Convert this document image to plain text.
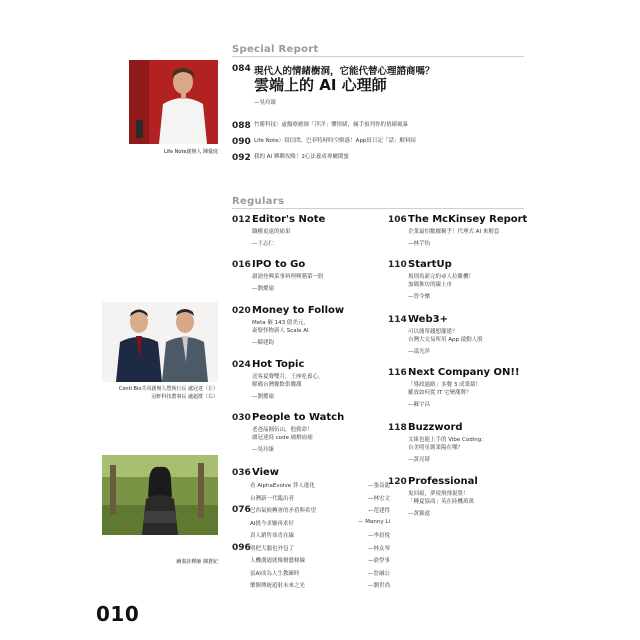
Special Report
Life Note創辦人 陳彙庭
084 現代人的情緒樹洞，它能代替心理諮商嗎？
雲端上的 AI 心理師
—吳玲臻
088 竹勝科技〉虛擬療癒師「洋洋」懂情緒，倆手預判你的情緒風暴
090 Life Note〉寫信問、巴菲特時時空解惑！App寫日記「話」解料結
092 我的 AI 夥聊攻略！2心法養成專屬閨蜜
Regulars
012 Editor's Note
職權更遠的痛果
—王志仁
016 IPO to Go
肅涌登興菜事料理興膳第一股
—劉燿瑜
020 Money to Follow
Meta 砸 143 億美元，
豪娶怪物新人 Scale AI
—陳建鈞
024 Hot Topic
送客夏聲雙月，王座吃養心，
解碼台灣餐飲供購潮
—劉燿瑜
030 People to Watch
老爸晶圓伍山，他救命！
盧冠達寫 code 破解血癌
—吳玲臻
036 View
看 AlphaEvolve 莽人進化	—張益龍
台灣新一代臨出者	—林宏文
076 巴西氣候轉會的矛盾與希望	—范建得
AI挑今求嫌再求好	— Manny Li
真人銷售恭喜在線	—李晨悅
096 別把大腦也外包了	—林友琴
人機溝通就像撥藝條線	—俞學事
富AI成為人生教練時	—詹融公
樂閱傳統遊射未來之光	—劉世尚
106 The McKinsey Report
企業最怕數據稱乎！代理式 AI 來解套
—林芋怡
110 StartUp
規則馬新完的尋人拉雞機！
加碼推坊的線上市
—曾令懷
114 Web3+
可以簡單錢想擺建？
台灣大交易所用 App 啟動人股
—邵光萍
116 Next Company ON!!
「導政過路」多餐 3 成業績！
羅放如何從 IT 宅變潮牌？
—蘇宇昌
118 Buzzword
文組也能上手的 Vibe Coding：
台美明星創業陽在哪？
—黃亮辯
120 Professional
鬼回瘟，夢境飛飛視覺！
「轉夏協商」英在陸機萬萬
—黃錦遠
Conti Bio共同創辦人暨執行長 盧冠達（左）
冠軒科技董事長 盧超群（右）
繪畫詮釋師 陳薏紀
010
